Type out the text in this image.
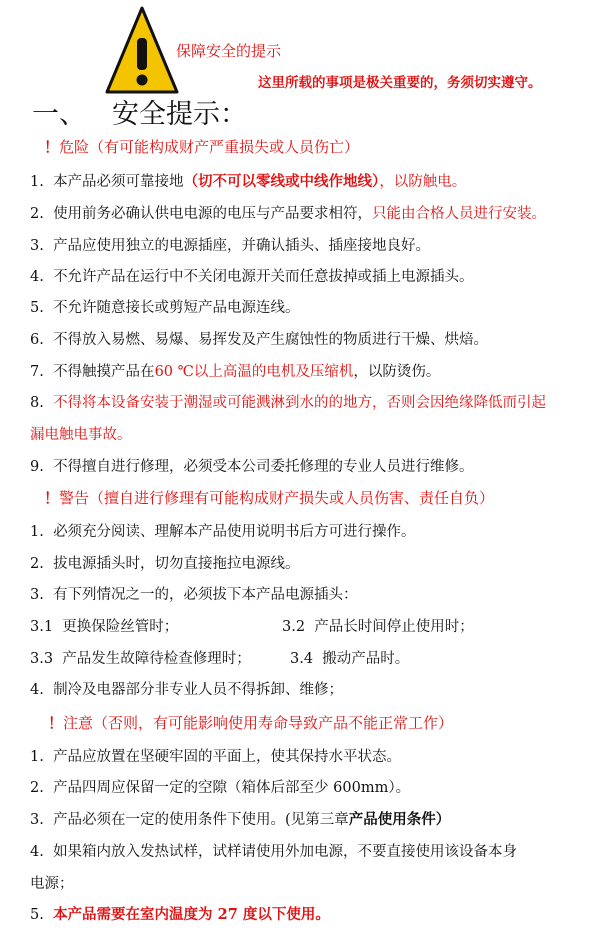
保障安全的提示
这里所载的事项是极关重要的，务须切实遵守。
一、 安全提示：
！危险（有可能构成财产严重损失或人员伤亡）
1. 本产品必须可靠接地（切不可以零线或中线作地线），以防触电。
2. 使用前务必确认供电电源的电压与产品要求相符，只能由合格人员进行安装。
3. 产品应使用独立的电源插座，并确认插头、插座接地良好。
4. 不允许产品在运行中不关闭电源开关而任意拔掉或插上电源插头。
5. 不允许随意接长或剪短产品电源连线。
6. 不得放入易燃、易爆、易挥发及产生腐蚀性的物质进行干燥、烘焙。
7. 不得触摸产品在60 ℃以上高温的电机及压缩机，以防烫伤。
8. 不得将本设备安装于潮湿或可能溅淋到水的的地方，否则会因绝缘降低而引起
漏电触电事故。
9. 不得擅自进行修理，必须受本公司委托修理的专业人员进行维修。
！警告（擅自进行修理有可能构成财产损失或人员伤害、责任自负）
1. 必须充分阅读、理解本产品使用说明书后方可进行操作。
2. 拔电源插头时，切勿直接拖拉电源线。
3. 有下列情况之一的，必须拔下本产品电源插头：
3.1 更换保险丝管时；	3.2 产品长时间停止使用时；
3.3 产品发生故障待检查修理时；	3.4 搬动产品时。
4. 制冷及电器部分非专业人员不得拆卸、维修；
！注意（否则，有可能影响使用寿命导致产品不能正常工作）
1. 产品应放置在坚硬牢固的平面上，使其保持水平状态。
2. 产品四周应保留一定的空隙（箱体后部至少 600mm）。
3. 产品必须在一定的使用条件下使用。(见第三章产品使用条件）
4. 如果箱内放入发热试样，试样请使用外加电源，不要直接使用该设备本身
电源；
5. 本产品需要在室内温度为 27 度以下使用。
